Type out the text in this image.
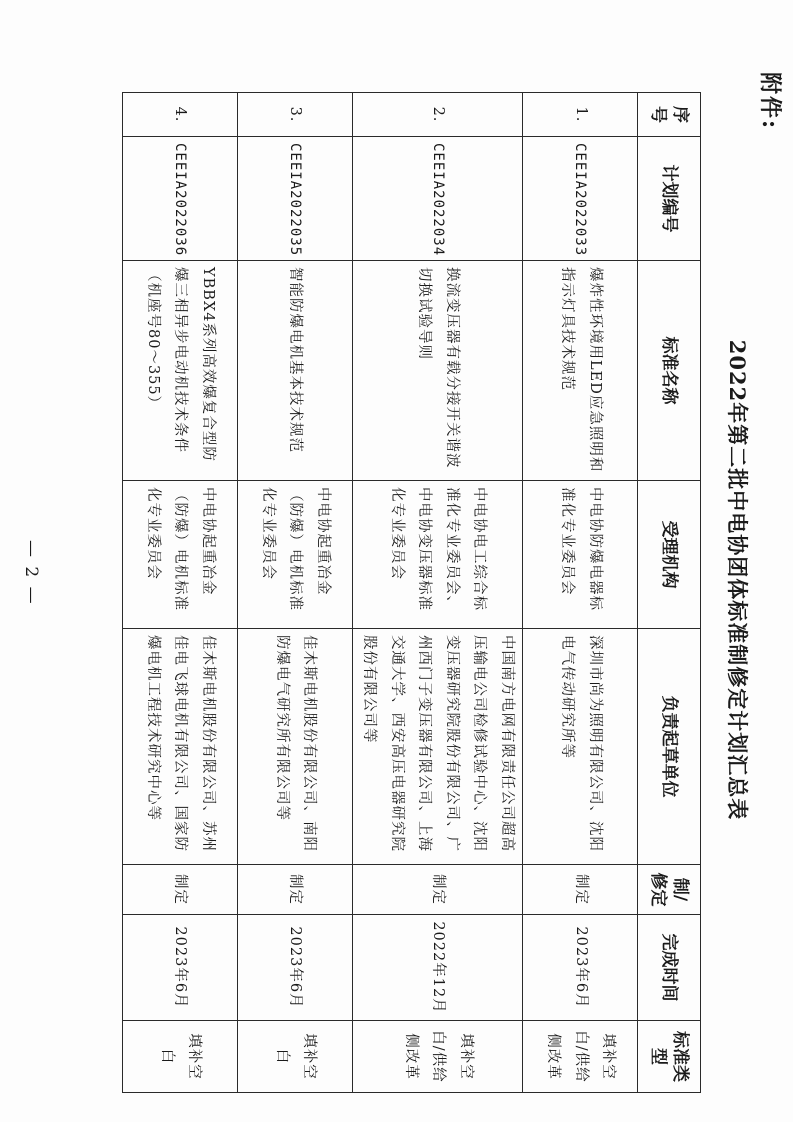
附件:
2022年第二批中电协团体标准制修定计划汇总表
序号	计划编号	标准名称	受理机构	负责起草单位	制/修定	完成时间	标准类型
1.	CEEIA2022033	爆炸性环境用LED应急照明和指示灯具技术规范	中电协防爆电器标准化专业委员会	深圳市尚为照明有限公司、沈阳电气传动研究所等	制定	2023年6月	填补空白/供给侧改革
2.	CEEIA2022034	换流变压器有载分接开关谐波切换试验导则	中电协电工综合标准化专业委员会、中电协变压器标准化专业委员会	中国南方电网有限责任公司超高压输电公司检修试验中心、沈阳变压器研究院股份有限公司、广州西门子变压器有限公司、上海交通大学、西安高压电器研究院股份有限公司等	制定	2022年12月	填补空白/供给侧改革
3.	CEEIA2022035	智能防爆电机基本技术规范	中电协起重冶金（防爆）电机标准化专业委员会	佳木斯电机股份有限公司、南阳防爆电气研究所有限公司等	制定	2023年6月	填补空白
4.	CEEIA2022036	YBBX4系列高效爆复合型防爆三相异步电动机技术条件（机座号80～355）	中电协起重冶金（防爆）电机标准化专业委员会	佳木斯电机股份有限公司、苏州佳电飞球电机有限公司、国家防爆电机工程技术研究中心等	制定	2023年6月	填补空白
— 2 —
